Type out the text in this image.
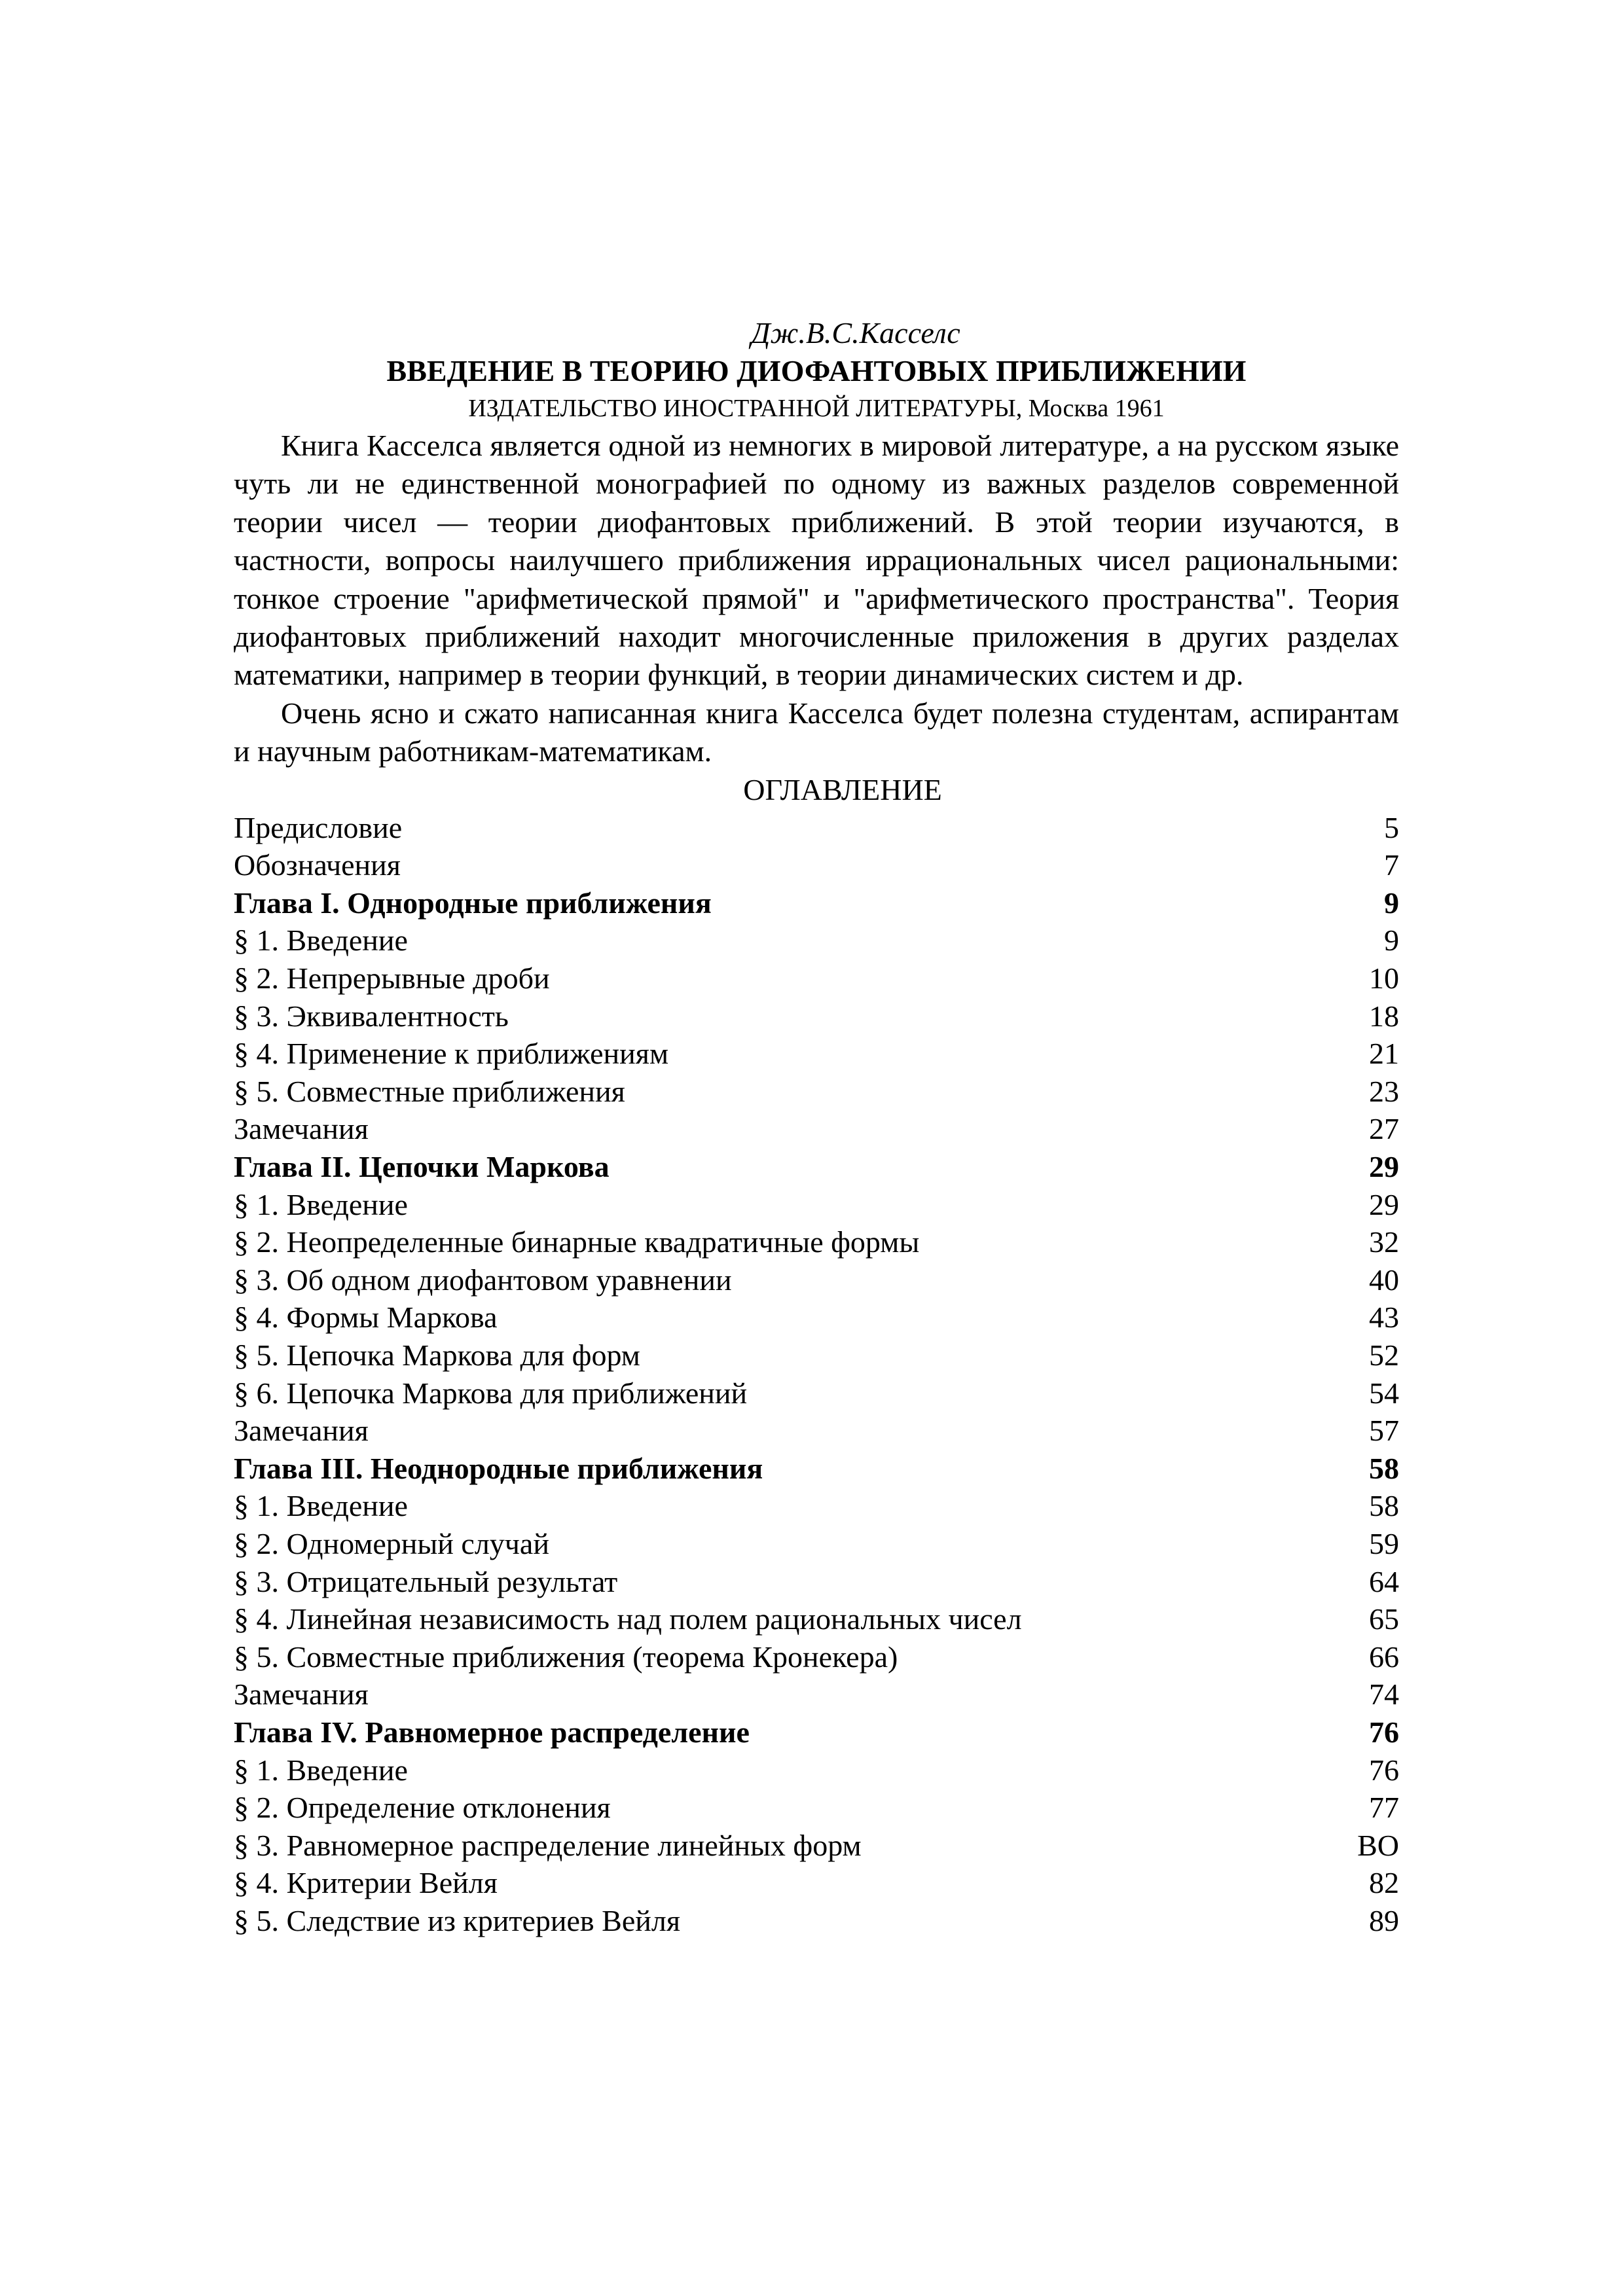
Дж.В.С.Касселс
ВВЕДЕНИЕ В ТЕОРИЮ ДИОФАНТОВЫХ ПРИБЛИЖЕНИИ
ИЗДАТЕЛЬСТВО ИНОСТРАННОЙ ЛИТЕРАТУРЫ, Москва 1961

Книга Касселса является одной из немногих в мировой литературе, а на русском языке чуть ли не единственной монографией по одному из важных разделов современной теории чисел — теории диофантовых приближений. В этой теории изучаются, в частности, вопросы наилучшего приближения иррациональных чисел рациональными: тонкое строение "арифметической прямой" и "арифметического пространства". Теория диофантовых приближений находит многочисленные приложения в других разделах математики, например в теории функций, в теории динамических систем и др.

Очень ясно и сжато написанная книга Касселса будет полезна студентам, аспирантам и научным работникам-математикам.

ОГЛАВЛЕНИЕ
Предисловие	5
Обозначения	7
Глава I. Однородные приближения	9
§ 1. Введение	9
§ 2. Непрерывные дроби	10
§ 3. Эквивалентность	18
§ 4. Применение к приближениям	21
§ 5. Совместные приближения	23
Замечания	27
Глава II. Цепочки Маркова	29
§ 1. Введение	29
§ 2. Неопределенные бинарные квадратичные формы	32
§ 3. Об одном диофантовом уравнении	40
§ 4. Формы Маркова	43
§ 5. Цепочка Маркова для форм	52
§ 6. Цепочка Маркова для приближений	54
Замечания	57
Глава III. Неоднородные приближения	58
§ 1. Введение	58
§ 2. Одномерный случай	59
§ 3. Отрицательный результат	64
§ 4. Линейная независимость над полем рациональных чисел	65
§ 5. Совместные приближения (теорема Кронекера)	66
Замечания	74
Глава IV. Равномерное распределение	76
§ 1. Введение	76
§ 2. Определение отклонения	77
§ 3. Равномерное распределение линейных форм	ВО
§ 4. Критерии Вейля	82
§ 5. Следствие из критериев Вейля	89
